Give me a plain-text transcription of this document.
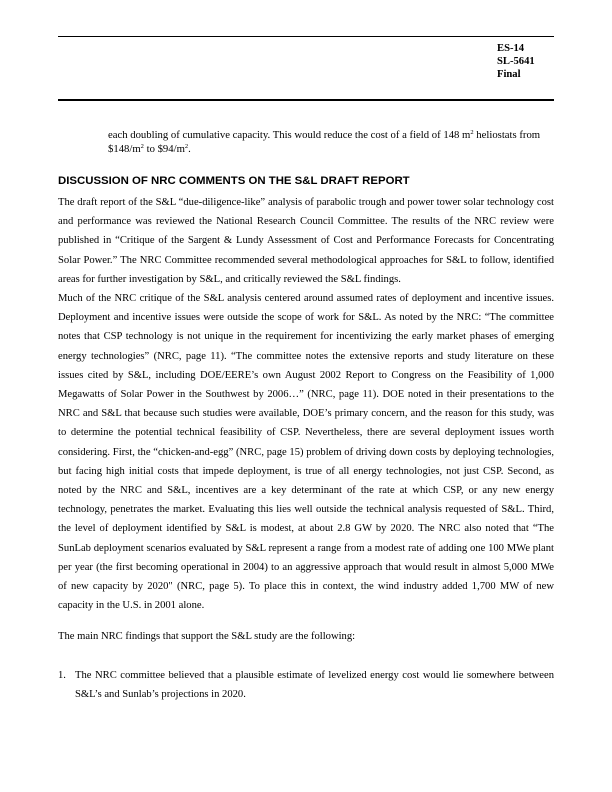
ES-14
SL-5641
Final

each doubling of cumulative capacity. This would reduce the cost of a field of 148 $m^2$ heliostats from $\$148/m^2$ to $\$94/m^2$.

DISCUSSION OF NRC COMMENTS ON THE S&L DRAFT REPORT

The draft report of the S&L “due-diligence-like” analysis of parabolic trough and power tower solar technology cost and performance was reviewed the National Research Council Committee. The results of the NRC review were published in “Critique of the Sargent & Lundy Assessment of Cost and Performance Forecasts for Concentrating Solar Power.” The NRC Committee recommended several methodological approaches for S&L to follow, identified areas for further investigation by S&L, and critically reviewed the S&L findings.

Much of the NRC critique of the S&L analysis centered around assumed rates of deployment and incentive issues. Deployment and incentive issues were outside the scope of work for S&L. As noted by the NRC: “The committee notes that CSP technology is not unique in the requirement for incentivizing the early market phases of emerging energy technologies” (NRC, page 11). “The committee notes the extensive reports and study literature on these issues cited by S&L, including DOE/EERE’s own August 2002 Report to Congress on the Feasibility of 1,000 Megawatts of Solar Power in the Southwest by 2006…” (NRC, page 11). DOE noted in their presentations to the NRC and S&L that because such studies were available, DOE’s primary concern, and the reason for this study, was to determine the potential technical feasibility of CSP. Nevertheless, there are several deployment issues worth considering. First, the “chicken-and-egg” (NRC, page 15) problem of driving down costs by deploying technologies, but facing high initial costs that impede deployment, is true of all energy technologies, not just CSP. Second, as noted by the NRC and S&L, incentives are a key determinant of the rate at which CSP, or any new energy technology, penetrates the market. Evaluating this lies well outside the technical analysis requested of S&L. Third, the level of deployment identified by S&L is modest, at about 2.8 GW by 2020. The NRC also noted that “The SunLab deployment scenarios evaluated by S&L represent a range from a modest rate of adding one 100 MWe plant per year (the first becoming operational in 2004) to an aggressive approach that would result in almost 5,000 MWe of new capacity by 2020" (NRC, page 5). To place this in context, the wind industry added 1,700 MW of new capacity in the U.S. in 2001 alone.

The main NRC findings that support the S&L study are the following:

1. The NRC committee believed that a plausible estimate of levelized energy cost would lie somewhere between S&L’s and Sunlab’s projections in 2020.
